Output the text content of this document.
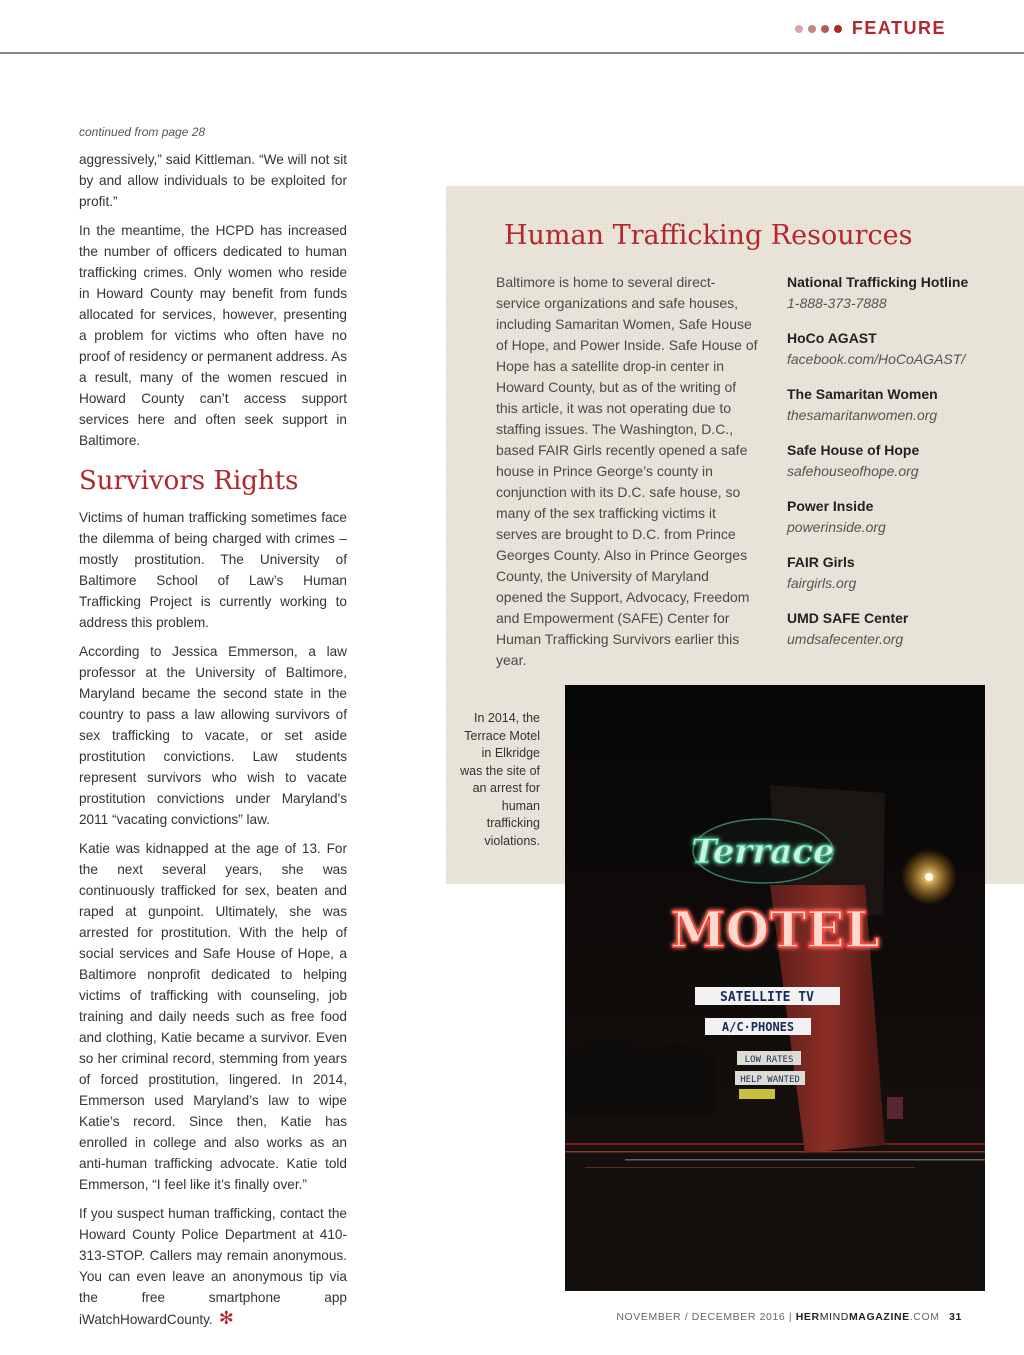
FEATURE
continued from page 28

aggressively,” said Kittleman. “We will not sit by and allow individuals to be exploited for profit.”

In the meantime, the HCPD has increased the number of officers dedicated to human trafficking crimes. Only women who reside in Howard County may benefit from funds allocated for services, however, presenting a problem for victims who often have no proof of residency or permanent address. As a result, many of the women rescued in Howard County can’t access support services here and often seek support in Baltimore.

Survivors Rights

Victims of human trafficking sometimes face the dilemma of being charged with crimes – mostly prostitution. The University of Baltimore School of Law’s Human Trafficking Project is currently working to address this problem.

According to Jessica Emmerson, a law professor at the University of Baltimore, Maryland became the second state in the country to pass a law allowing survivors of sex trafficking to vacate, or set aside prostitution convictions. Law students represent survivors who wish to vacate prostitution convictions under Maryland's 2011 “vacating convictions” law.

Katie was kidnapped at the age of 13. For the next several years, she was continuously trafficked for sex, beaten and raped at gunpoint. Ultimately, she was arrested for prostitution. With the help of social services and Safe House of Hope, a Baltimore nonprofit dedicated to helping victims of trafficking with counseling, job training and daily needs such as free food and clothing, Katie became a survivor. Even so her criminal record, stemming from years of forced prostitution, lingered. In 2014, Emmerson used Maryland’s law to wipe Katie’s record. Since then, Katie has enrolled in college and also works as an anti-human trafficking advocate. Katie told Emmerson, “I feel like it’s finally over.”

If you suspect human trafficking, contact the Howard County Police Department at 410-313-STOP. Callers may remain anonymous. You can even leave an anonymous tip via the free smartphone app iWatchHowardCounty. ✻

Human Trafficking Resources
Baltimore is home to several direct-service organizations and safe houses, including Samaritan Women, Safe House of Hope, and Power Inside. Safe House of Hope has a satellite drop-in center in Howard County, but as of the writing of this article, it was not operating due to staffing issues. The Washington, D.C., based FAIR Girls recently opened a safe house in Prince George’s county in conjunction with its D.C. safe house, so many of the sex trafficking victims it serves are brought to D.C. from Prince Georges County. Also in Prince Georges County, the University of Maryland opened the Support, Advocacy, Freedom and Empowerment (SAFE) Center for Human Trafficking Survivors earlier this year.
National Trafficking Hotline
1-888-373-7888
HoCo AGAST
facebook.com/HoCoAGAST/
The Samaritan Women
thesamaritanwomen.org
Safe House of Hope
safehouseofhope.org
Power Inside
powerinside.org
FAIR Girls
fairgirls.org
UMD SAFE Center
umdsafecenter.org
In 2014, the Terrace Motel in Elkridge was the site of an arrest for human trafficking violations.	Terrace
MOTEL
SATELLITE TV
A/C·PHONES
LOW RATES
HELP WANTED
NOVEMBER / DECEMBER 2016 | HERMINDMAGAZINE.COM 31
